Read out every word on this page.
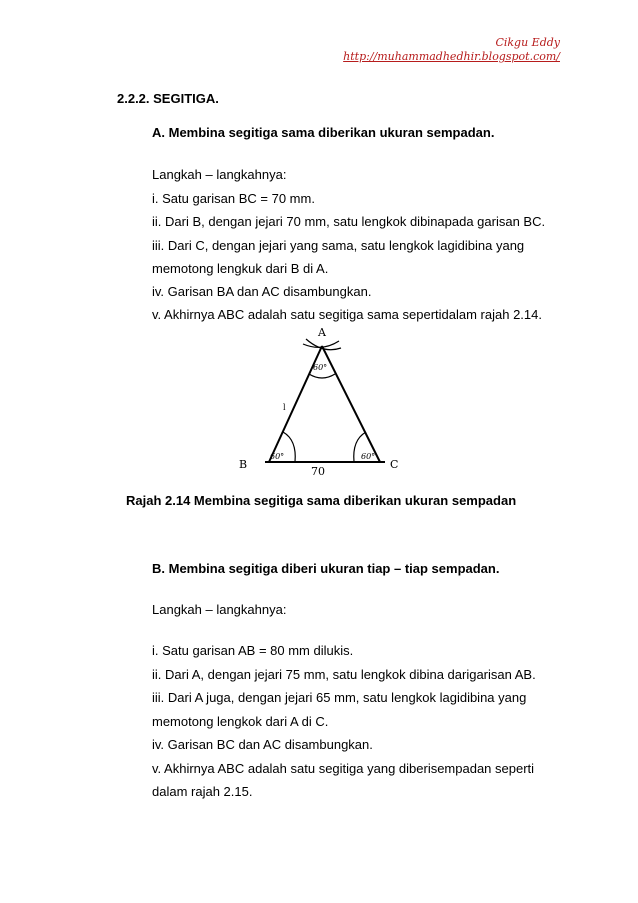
Cikgu Eddy
http://muhammadhedhir.blogspot.com/
2.2.2. SEGITIGA.
A. Membina segitiga sama diberikan ukuran sempadan.
Langkah – langkahnya:
i. Satu garisan BC = 70 mm.
ii. Dari B, dengan jejari 70 mm, satu lengkok dibinapada garisan BC.
iii. Dari C, dengan jejari yang sama, satu lengkok lagidibina yang
memotong lengkuk dari B di A.
iv. Garisan BA dan AC disambungkan.
v. Akhirnya ABC adalah satu segitiga sama sepertidalam rajah 2.14.
A
B	C
60°
60°	60°
l
70
Rajah 2.14 Membina segitiga sama diberikan ukuran sempadan
B. Membina segitiga diberi ukuran tiap – tiap sempadan.
Langkah – langkahnya:
i. Satu garisan AB = 80 mm dilukis.
ii. Dari A, dengan jejari 75 mm, satu lengkok dibina darigarisan AB.
iii. Dari A juga, dengan jejari 65 mm, satu lengkok lagidibina yang
memotong lengkok dari A di C.
iv. Garisan BC dan AC disambungkan.
v. Akhirnya ABC adalah satu segitiga yang diberisempadan seperti
dalam rajah 2.15.
